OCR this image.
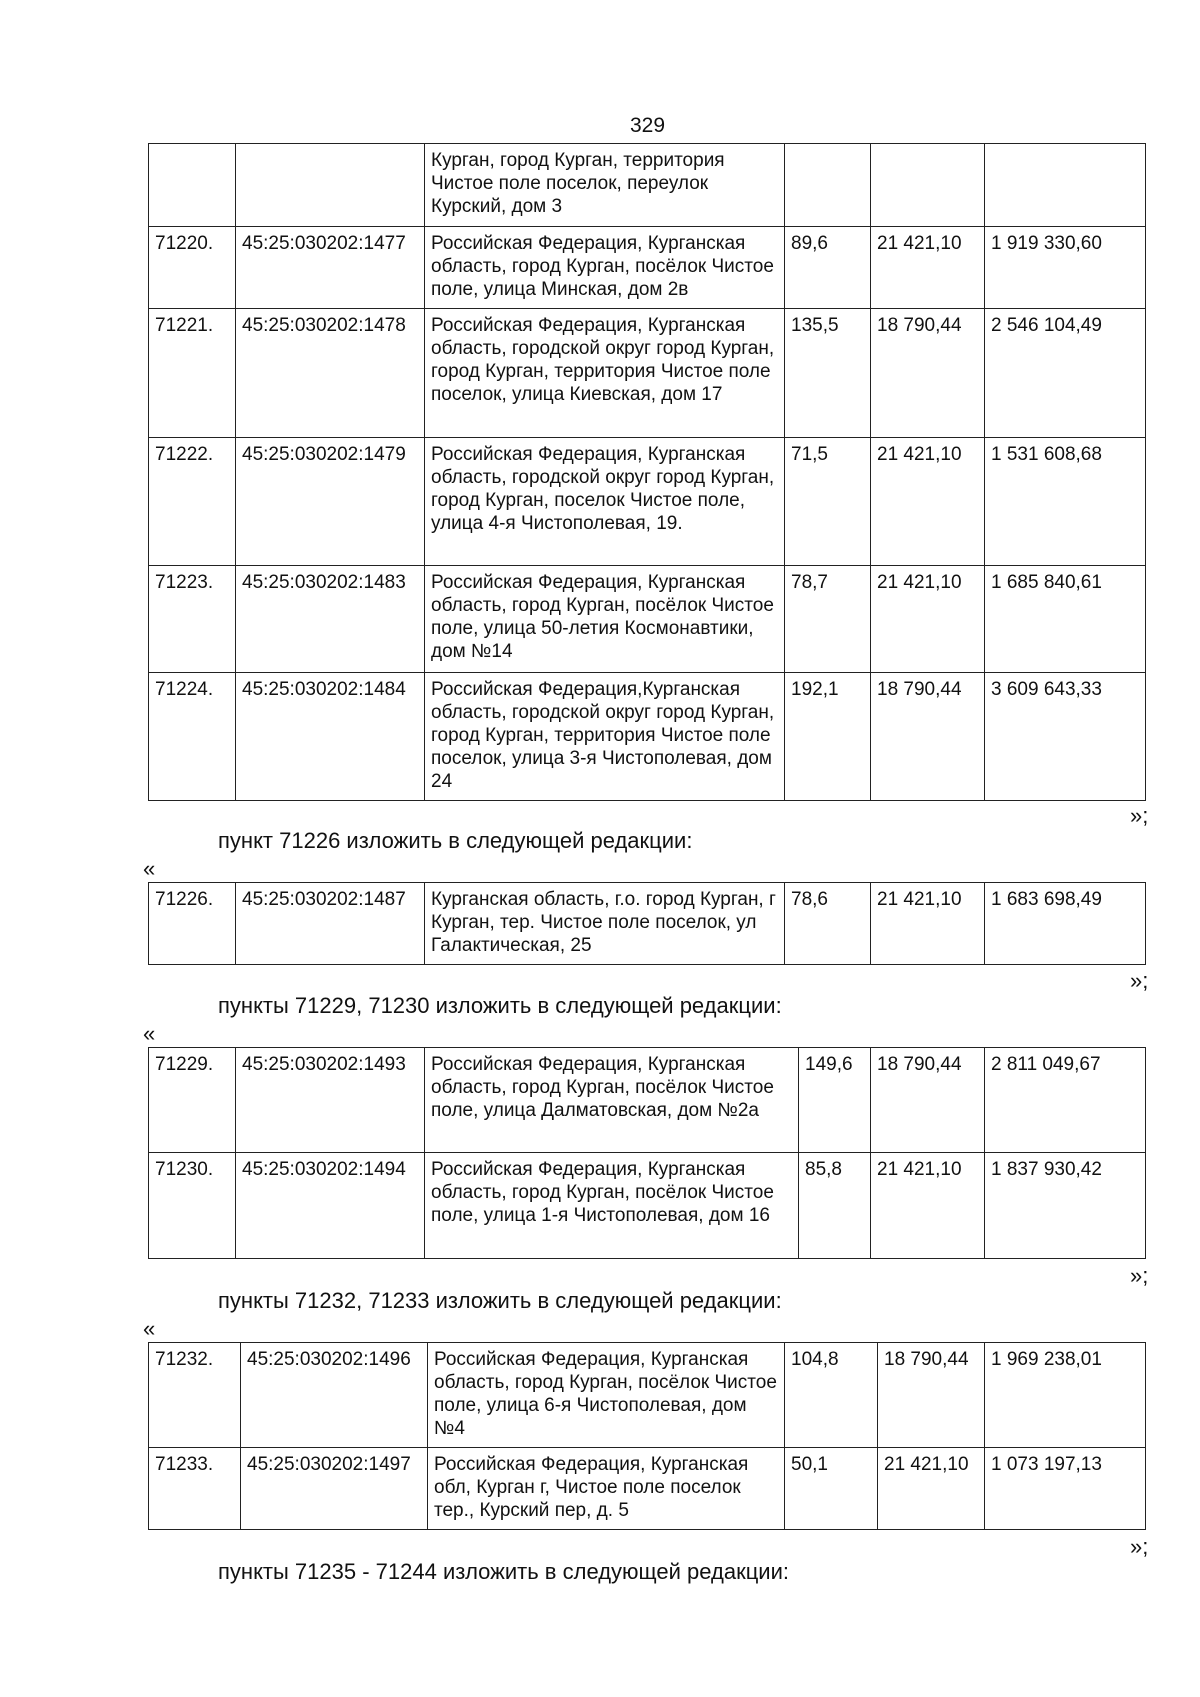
329
		Курган, город Курган, территория Чистое поле поселок, переулок Курский, дом 3			
71220.	45:25:030202:1477	Российская Федерация, Курганская область, город Курган, посёлок Чистое поле, улица Минская, дом 2в	89,6	21 421,10	1 919 330,60
71221.	45:25:030202:1478	Российская Федерация, Курганская область, городской округ город Курган, город Курган, территория Чистое поле поселок, улица Киевская, дом 17	135,5	18 790,44	2 546 104,49
71222.	45:25:030202:1479	Российская Федерация, Курганская область, городской округ город Курган, город Курган, поселок Чистое поле, улица 4-я Чистополевая, 19.	71,5	21 421,10	1 531 608,68
71223.	45:25:030202:1483	Российская Федерация, Курганская область, город Курган, посёлок Чистое поле, улица 50-летия Космонавтики, дом №14	78,7	21 421,10	1 685 840,61
71224.	45:25:030202:1484	Российская Федерация,Курганская область, городской округ город Курган, город Курган, территория Чистое поле поселок, улица 3-я Чистополевая, дом 24	192,1	18 790,44	3 609 643,33
»;
пункт 71226 изложить в следующей редакции:
«
71226.	45:25:030202:1487	Курганская область, г.о. город Курган, г Курган, тер. Чистое поле поселок, ул Галактическая, 25	78,6	21 421,10	1 683 698,49
»;
пункты 71229, 71230 изложить в следующей редакции:
«
71229.	45:25:030202:1493	Российская Федерация, Курганская область, город Курган, посёлок Чистое поле, улица Далматовская, дом №2а	149,6	18 790,44	2 811 049,67
71230.	45:25:030202:1494	Российская Федерация, Курганская область, город Курган, посёлок Чистое поле, улица 1-я Чистополевая, дом 16	85,8	21 421,10	1 837 930,42
»;
пункты 71232, 71233 изложить в следующей редакции:
«
71232.	45:25:030202:1496	Российская Федерация, Курганская область, город Курган, посёлок Чистое поле, улица 6-я Чистополевая, дом №4	104,8	18 790,44	1 969 238,01
71233.	45:25:030202:1497	Российская Федерация, Курганская обл, Курган г, Чистое поле поселок тер., Курский пер, д. 5	50,1	21 421,10	1 073 197,13
»;
пункты 71235 - 71244 изложить в следующей редакции:
